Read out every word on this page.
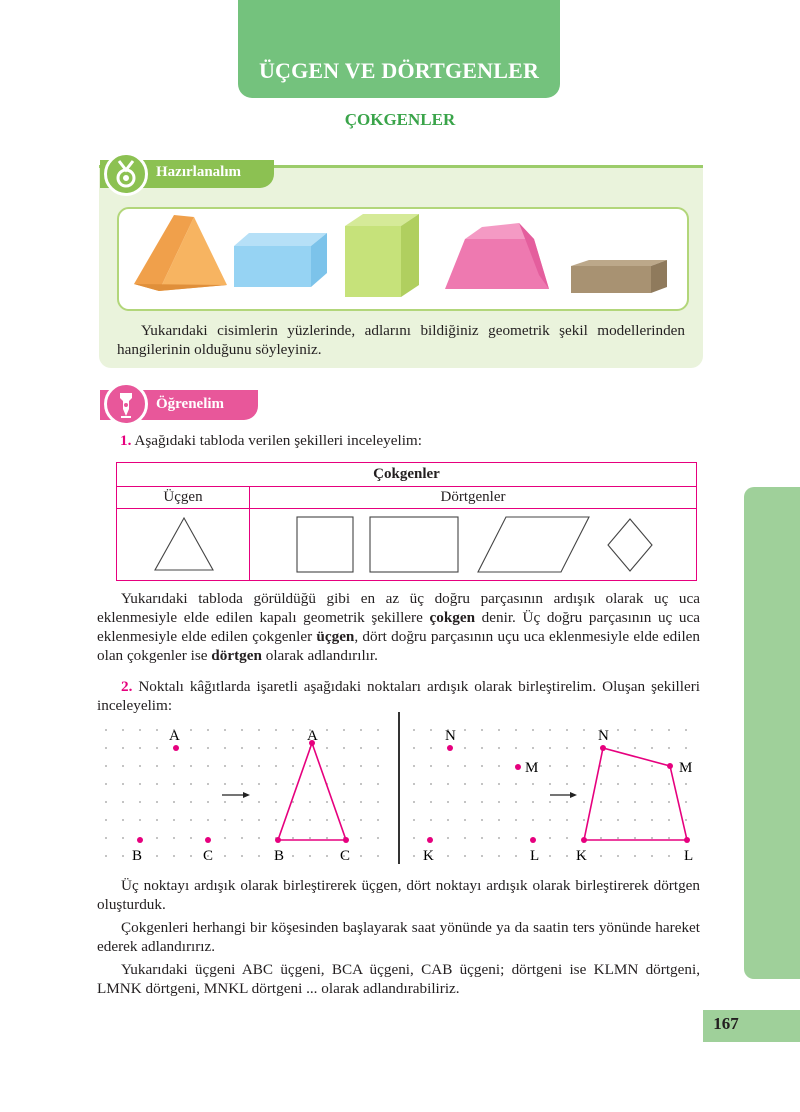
ÜÇGEN VE DÖRTGENLER
ÇOKGENLER
167
Hazırlanalım
Yukarıdaki cisimlerin yüzlerinde, adlarını bildiğiniz geometrik şekil modellerinden hangilerinin olduğunu söyleyiniz.
Öğrenelim
1. Aşağıdaki tabloda verilen şekilleri inceleyelim:
Çokgenler	
Üçgen	Dörtgenler

Yukarıdaki tabloda görüldüğü gibi en az üç doğru parçasının ardışık olarak uç uca eklenmesiyle elde edilen kapalı geometrik şekillere çokgen denir. Üç doğru parçasının uç uca eklenmesiyle elde edilen çokgenler üçgen, dört doğru parçasının uçu uca eklenmesiyle elde edilen olan çokgenler ise dörtgen olarak adlandırılır.
2. Noktalı kâğıtlarda işaretli aşağıdaki noktaları ardışık olarak birleştirelim. Oluşan şekilleri inceleyelim:
A
B	C
A
B	C
N
M
K	L
N
M
K	L
Üç noktayı ardışık olarak birleştirerek üçgen, dört noktayı ardışık olarak birleştirerek dörtgen oluşturduk.
Çokgenleri herhangi bir köşesinden başlayarak saat yönünde ya da saatin ters yönünde hareket ederek adlandırırız.
Yukarıdaki üçgeni ABC üçgeni, BCA üçgeni, CAB üçgeni; dörtgeni ise KLMN dörtgeni, LMNK dörtgeni, MNKL dörtgeni ... olarak adlandırabiliriz.
